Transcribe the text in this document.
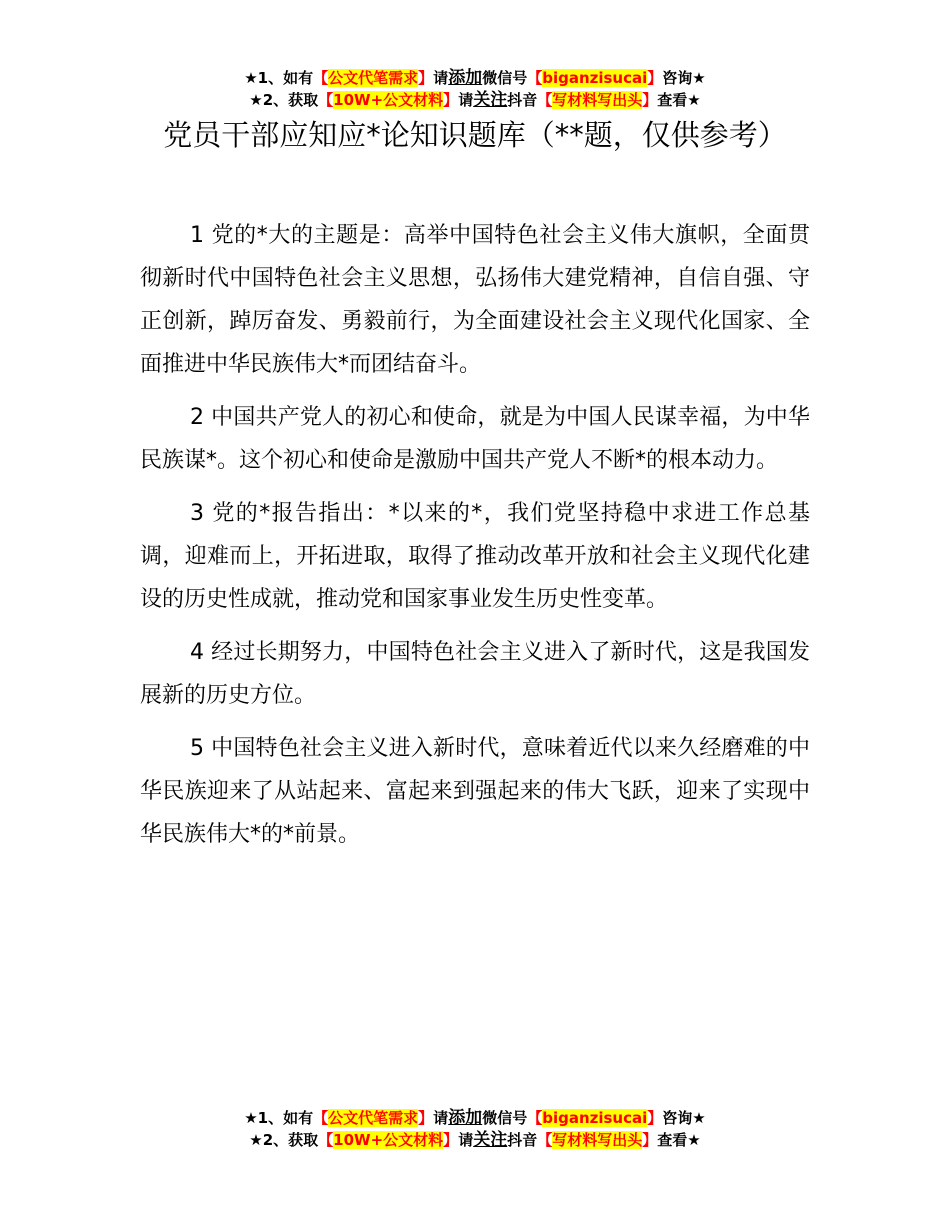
★1、如有【公文代笔需求】请添加微信号【biganzisucai】咨询★
★2、获取【10W+公文材料】请关注抖音【写材料写出头】查看★
党员干部应知应*论知识题库（**题，仅供参考）

1 党的*大的主题是：高举中国特色社会主义伟大旗帜，全面贯彻新时代中国特色社会主义思想，弘扬伟大建党精神，自信自强、守正创新，踔厉奋发、勇毅前行，为全面建设社会主义现代化国家、全面推进中华民族伟大*而团结奋斗。

2 中国共产党人的初心和使命，就是为中国人民谋幸福，为中华民族谋*。这个初心和使命是激励中国共产党人不断*的根本动力。

3 党的*报告指出：*以来的*，我们党坚持稳中求进工作总基调，迎难而上，开拓进取，取得了推动改革开放和社会主义现代化建设的历史性成就，推动党和国家事业发生历史性变革。

4 经过长期努力，中国特色社会主义进入了新时代，这是我国发展新的历史方位。

5 中国特色社会主义进入新时代，意味着近代以来久经磨难的中华民族迎来了从站起来、富起来到强起来的伟大飞跃，迎来了实现中华民族伟大*的*前景。

★1、如有【公文代笔需求】请添加微信号【biganzisucai】咨询★
★2、获取【10W+公文材料】请关注抖音【写材料写出头】查看★
